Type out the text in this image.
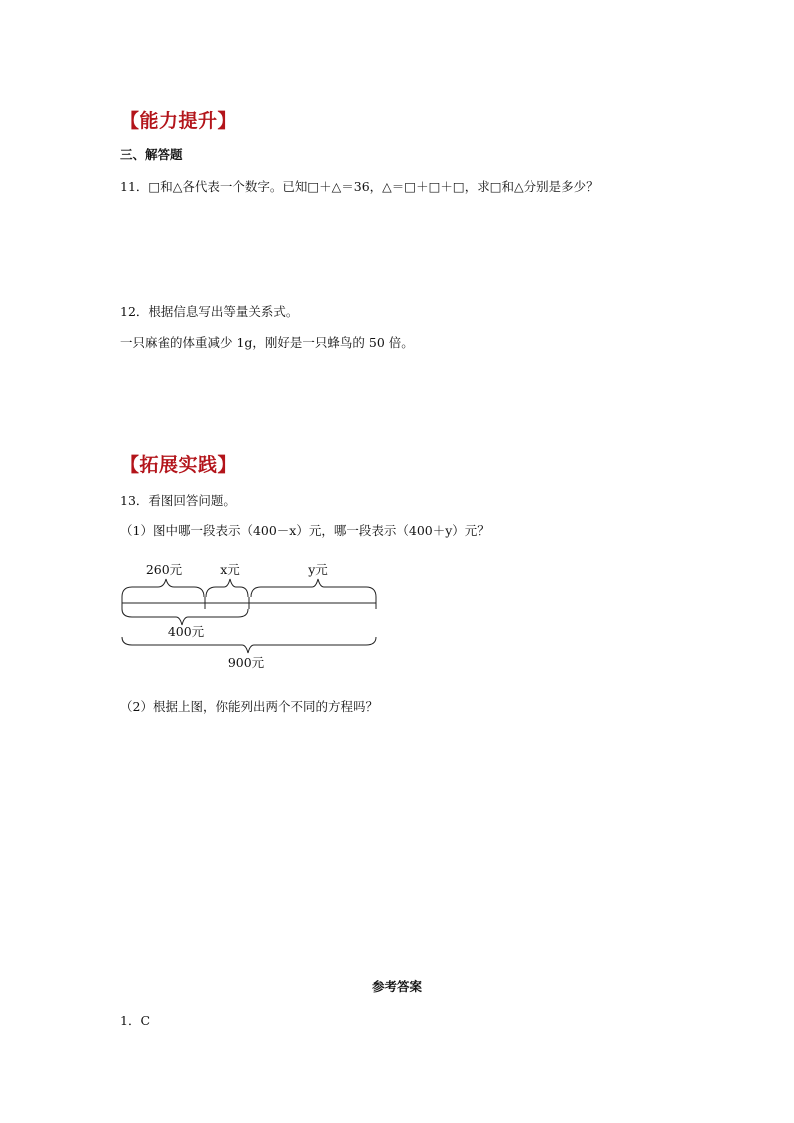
【能力提升】
三、解答题
11．□和△各代表一个数字。已知□＋△＝36，△＝□＋□＋□，求□和△分别是多少？
12．根据信息写出等量关系式。
一只麻雀的体重减少 1g，刚好是一只蜂鸟的 50 倍。
【拓展实践】
13．看图回答问题。
（1）图中哪一段表示（400－x）元，哪一段表示（400＋y）元？
260元	x元	y元
400元
900元
（2）根据上图，你能列出两个不同的方程吗？
参考答案
1．C
